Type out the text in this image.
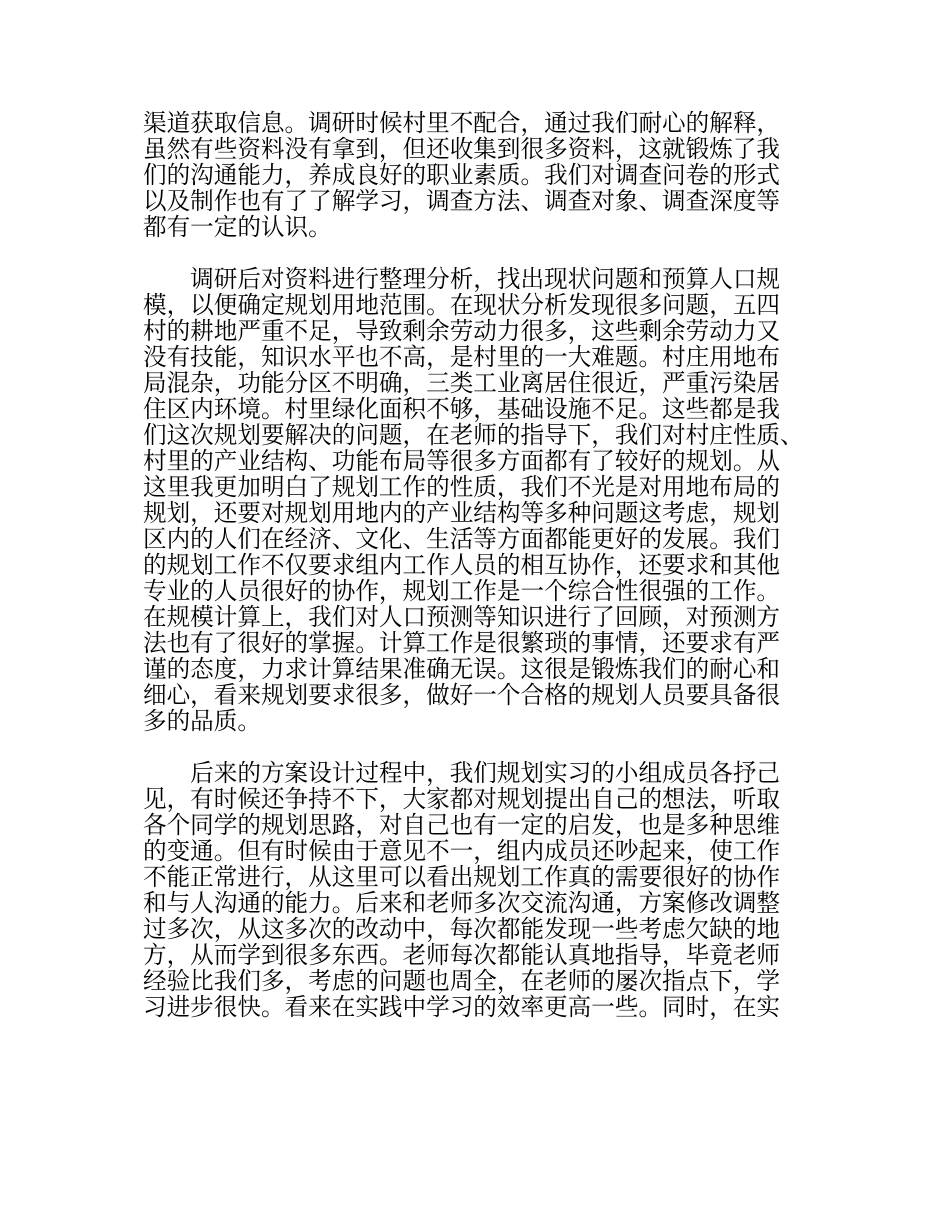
渠道获取信息。调研时候村里不配合，通过我们耐心的解释，
虽然有些资料没有拿到，但还收集到很多资料，这就锻炼了我
们的沟通能力，养成良好的职业素质。我们对调查问卷的形式
以及制作也有了了解学习，调查方法、调查对象、调查深度等
都有一定的认识。
　　调研后对资料进行整理分析，找出现状问题和预算人口规
模，以便确定规划用地范围。在现状分析发现很多问题，五四
村的耕地严重不足，导致剩余劳动力很多，这些剩余劳动力又
没有技能，知识水平也不高，是村里的一大难题。村庄用地布
局混杂，功能分区不明确，三类工业离居住很近，严重污染居
住区内环境。村里绿化面积不够，基础设施不足。这些都是我
们这次规划要解决的问题，在老师的指导下，我们对村庄性质、
村里的产业结构、功能布局等很多方面都有了较好的规划。从
这里我更加明白了规划工作的性质，我们不光是对用地布局的
规划，还要对规划用地内的产业结构等多种问题这考虑，规划
区内的人们在经济、文化、生活等方面都能更好的发展。我们
的规划工作不仅要求组内工作人员的相互协作，还要求和其他
专业的人员很好的协作，规划工作是一个综合性很强的工作。
在规模计算上，我们对人口预测等知识进行了回顾，对预测方
法也有了很好的掌握。计算工作是很繁琐的事情，还要求有严
谨的态度，力求计算结果准确无误。这很是锻炼我们的耐心和
细心，看来规划要求很多，做好一个合格的规划人员要具备很
多的品质。
　　后来的方案设计过程中，我们规划实习的小组成员各抒己
见，有时候还争持不下，大家都对规划提出自己的想法，听取
各个同学的规划思路，对自己也有一定的启发，也是多种思维
的变通。但有时候由于意见不一，组内成员还吵起来，使工作
不能正常进行，从这里可以看出规划工作真的需要很好的协作
和与人沟通的能力。后来和老师多次交流沟通，方案修改调整
过多次，从这多次的改动中，每次都能发现一些考虑欠缺的地
方，从而学到很多东西。老师每次都能认真地指导，毕竟老师
经验比我们多，考虑的问题也周全，在老师的屡次指点下，学
习进步很快。看来在实践中学习的效率更高一些。同时，在实
